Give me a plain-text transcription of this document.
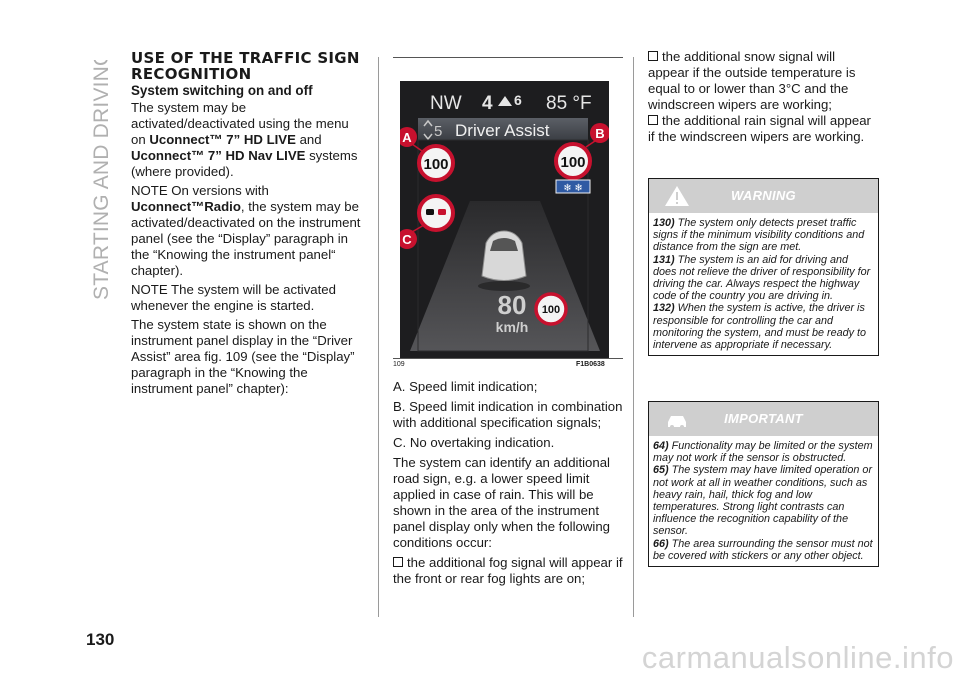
STARTING AND DRIVING
130
USE OF THE TRAFFIC SIGN RECOGNITION
System switching on and off

The system may be activated/deactivated using the menu on Uconnect™ 7” HD LIVE and Uconnect™ 7” HD Nav LIVE systems (where provided).

NOTE On versions with Uconnect™Radio, the system may be activated/deactivated on the instrument panel (see the “Display” paragraph in the “Knowing the instrument panel“ chapter).

NOTE The system will be activated whenever the engine is started.

The system state is shown on the instrument panel display in the “Driver Assist” area fig. 109 (see the “Display” paragraph in the “Knowing the instrument panel” chapter):

NW 4 6 85 °F
5 Driver Assist
100	100
❄ ❄
80
km/h
100
A	B
C
109	F1B0638

A. Speed limit indication;

B. Speed limit indication in combination with additional specification signals;

C. No overtaking indication.

The system can identify an additional road sign, e.g. a lower speed limit applied in case of rain. This will be shown in the area of the instrument panel display only when the following conditions occur:

the additional fog signal will appear if the front or rear fog lights are on;

the additional snow signal will appear if the outside temperature is equal to or lower than 3°C and the windscreen wipers are working;

the additional rain signal will appear if the windscreen wipers are working.

WARNING

130) The system only detects preset traffic signs if the minimum visibility conditions and distance from the sign are met.

131) The system is an aid for driving and does not relieve the driver of responsibility for driving the car. Always respect the highway code of the country you are driving in.

132) When the system is active, the driver is responsible for controlling the car and monitoring the system, and must be ready to intervene as appropriate if necessary.

IMPORTANT

64) Functionality may be limited or the system may not work if the sensor is obstructed.

65) The system may have limited operation or not work at all in weather conditions, such as heavy rain, hail, thick fog and low temperatures. Strong light contrasts can influence the recognition capability of the sensor.

66) The area surrounding the sensor must not be covered with stickers or any other object.

carmanualsonline.info
